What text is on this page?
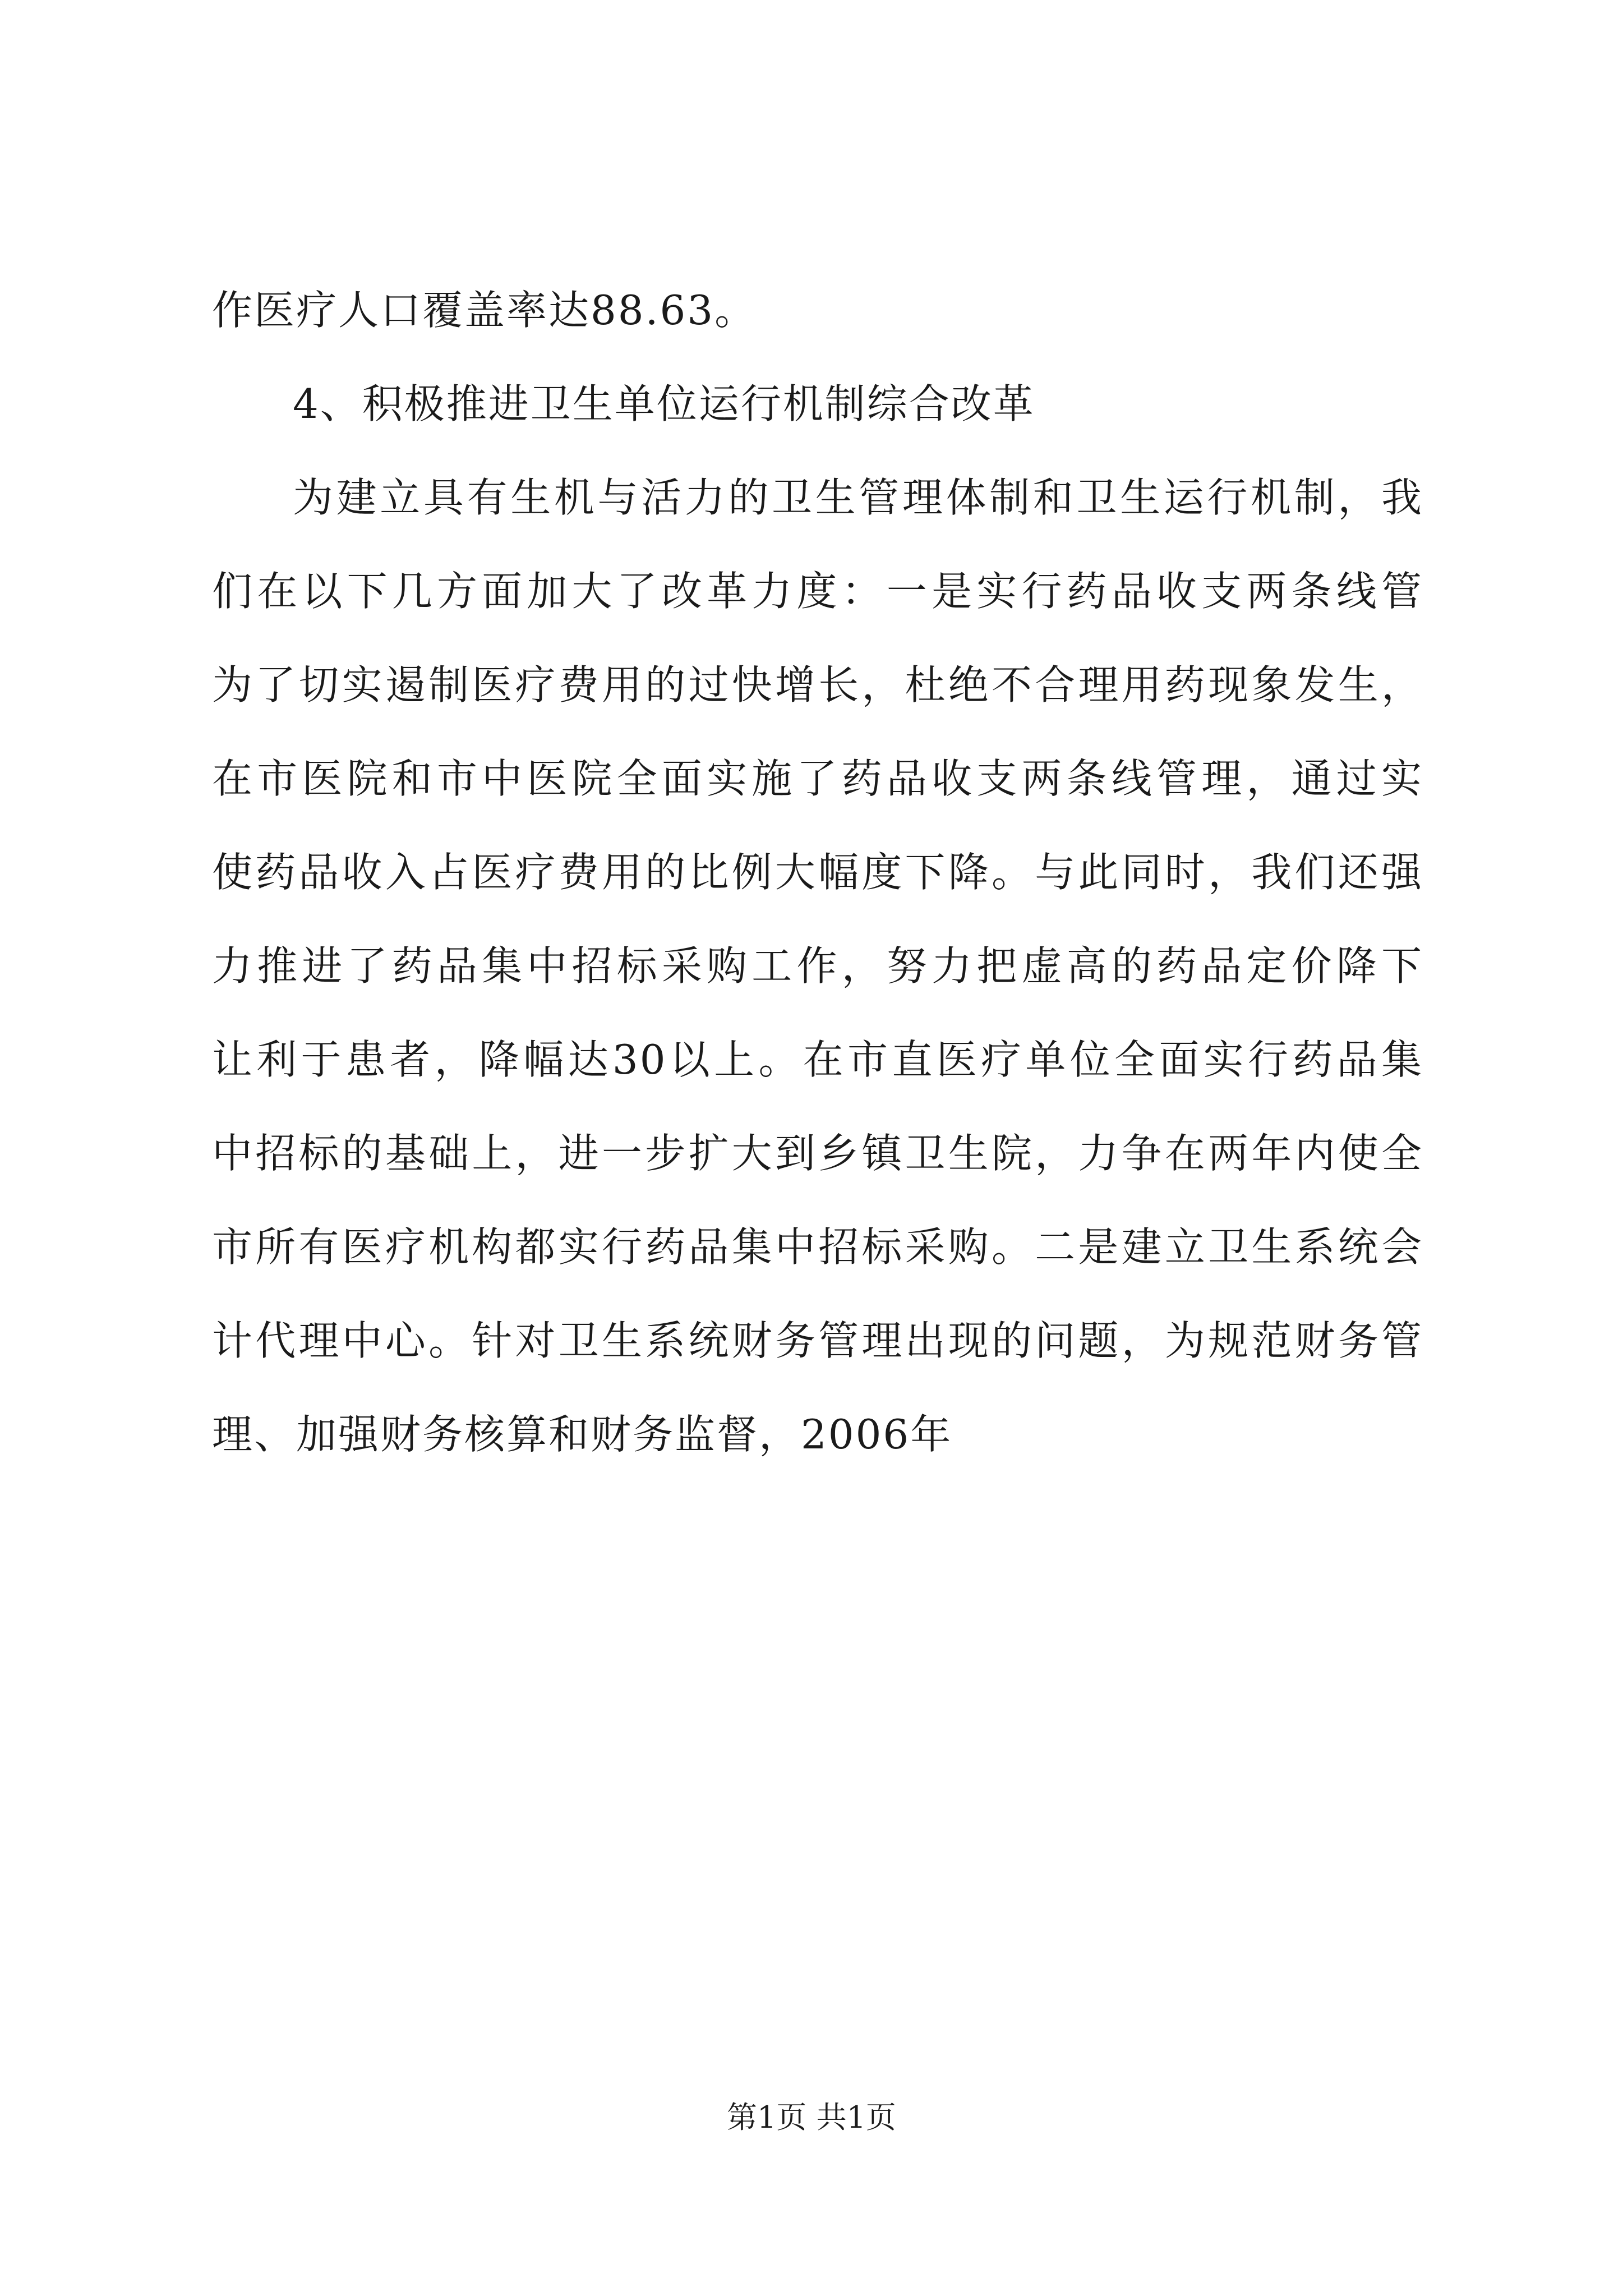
作医疗人口覆盖率达88.63。
4、积极推进卫生单位运行机制综合改革
为建立具有生机与活力的卫生管理体制和卫生运行机制，我
们在以下几方面加大了改革力度：一是实行药品收支两条线管
为了切实遏制医疗费用的过快增长，杜绝不合理用药现象发生，
在市医院和市中医院全面实施了药品收支两条线管理，通过实
使药品收入占医疗费用的比例大幅度下降。与此同时，我们还强
力推进了药品集中招标采购工作，努力把虚高的药品定价降下
让利于患者，降幅达30以上。在市直医疗单位全面实行药品集
中招标的基础上，进一步扩大到乡镇卫生院，力争在两年内使全
市所有医疗机构都实行药品集中招标采购。二是建立卫生系统会
计代理中心。针对卫生系统财务管理出现的问题，为规范财务管
理、加强财务核算和财务监督，2006年
第1页 共1页
